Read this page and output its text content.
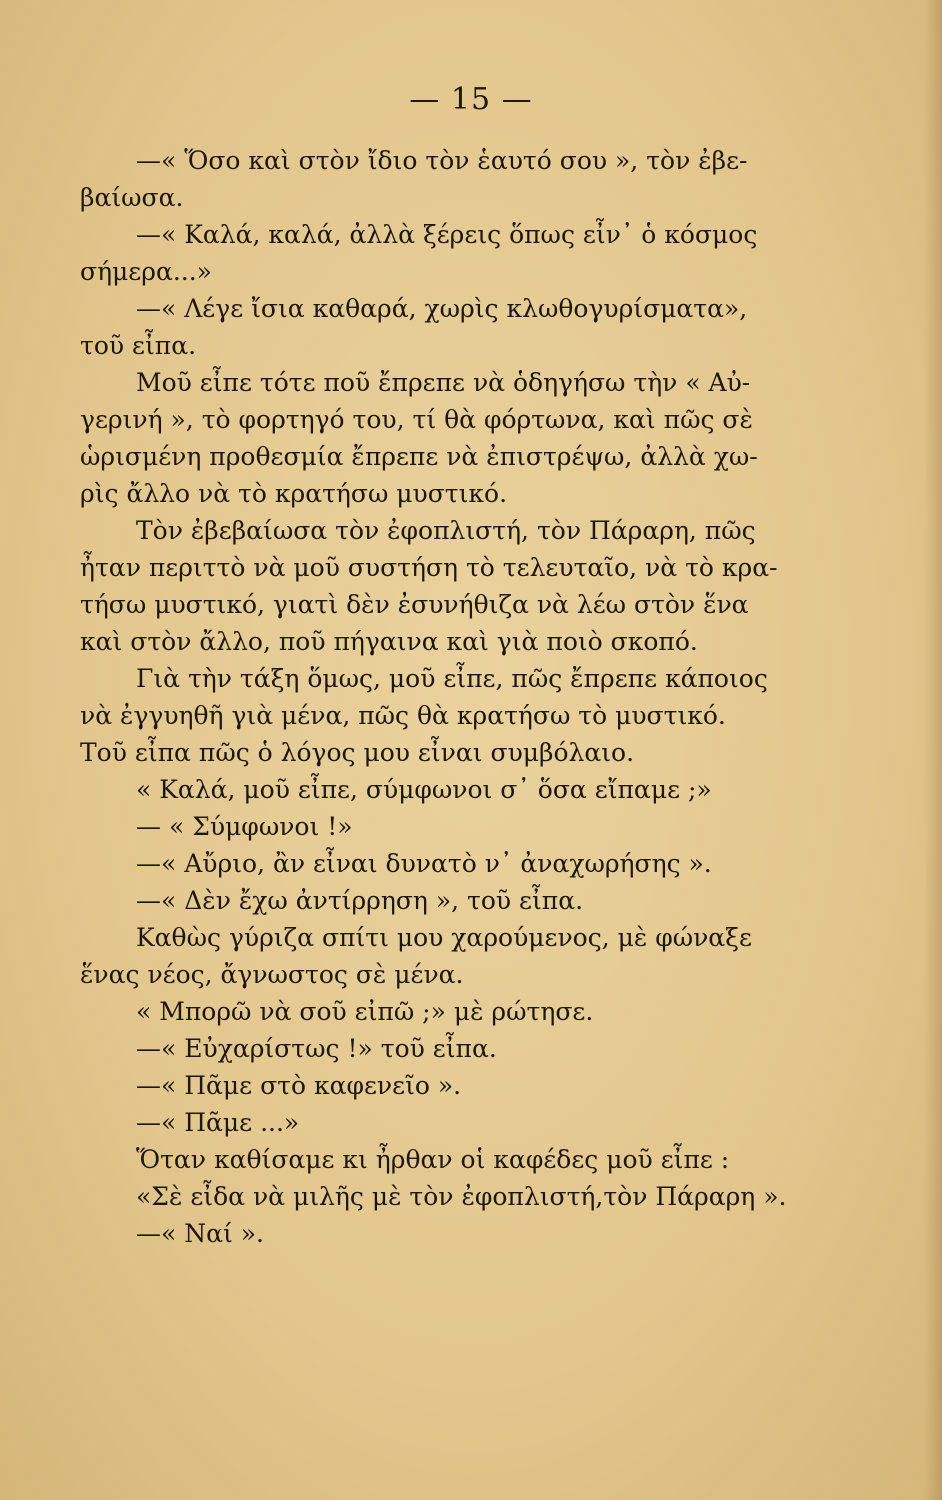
— 15 —
—« Ὅσο καὶ στὸν ἴδιο τὸν ἑαυτό σου », τὸν ἐβε-
βαίωσα.
—« Καλά, καλά, ἀλλὰ ξέρεις ὅπως εἶν᾽ ὁ κόσμος
σήμερα...»
—« Λέγε ἴσια καθαρά, χωρὶς κλωθογυρίσματα»,
τοῦ εἶπα.
Μοῦ εἶπε τότε ποῦ ἔπρεπε νὰ ὁδηγήσω τὴν « Αὐ-
γερινή », τὸ φορτηγό του, τί θὰ φόρτωνα, καὶ πῶς σὲ
ὡρισμένη προθεσμία ἔπρεπε νὰ ἐπιστρέψω, ἀλλὰ χω-
ρὶς ἄλλο νὰ τὸ κρατήσω μυστικό.
Τὸν ἐβεβαίωσα τὸν ἐφοπλιστή, τὸν Πάραρη, πῶς
ἦταν περιττὸ νὰ μοῦ συστήση τὸ τελευταῖο, νὰ τὸ κρα-
τήσω μυστικό, γιατὶ δὲν ἐσυνήθιζα νὰ λέω στὸν ἕνα
καὶ στὸν ἄλλο, ποῦ πήγαινα καὶ γιὰ ποιὸ σκοπό.
Γιὰ τὴν τάξη ὅμως, μοῦ εἶπε, πῶς ἔπρεπε κάποιος
νὰ ἐγγυηθῆ γιὰ μένα, πῶς θὰ κρατήσω τὸ μυστικό.
Τοῦ εἶπα πῶς ὁ λόγος μου εἶναι συμβόλαιο.
« Καλά, μοῦ εἶπε, σύμφωνοι σ᾽ ὅσα εἴπαμε ;»
— « Σύμφωνοι !»
—« Αὔριο, ἂν εἶναι δυνατὸ ν᾽ ἀναχωρήσης ».
—« Δὲν ἔχω ἀντίρρηση », τοῦ εἶπα.
Καθὼς γύριζα σπίτι μου χαρούμενος, μὲ φώναξε
ἕνας νέος, ἄγνωστος σὲ μένα.
« Μπορῶ νὰ σοῦ εἰπῶ ;» μὲ ρώτησε.
—« Εὐχαρίστως !» τοῦ εἶπα.
—« Πᾶμε στὸ καφενεῖο ».
—« Πᾶμε ...»
Ὅταν καθίσαμε κι ἦρθαν οἱ καφέδες μοῦ εἶπε :
«Σὲ εἶδα νὰ μιλῆς μὲ τὸν ἐφοπλιστή,τὸν Πάραρη ».
—« Ναί ».
